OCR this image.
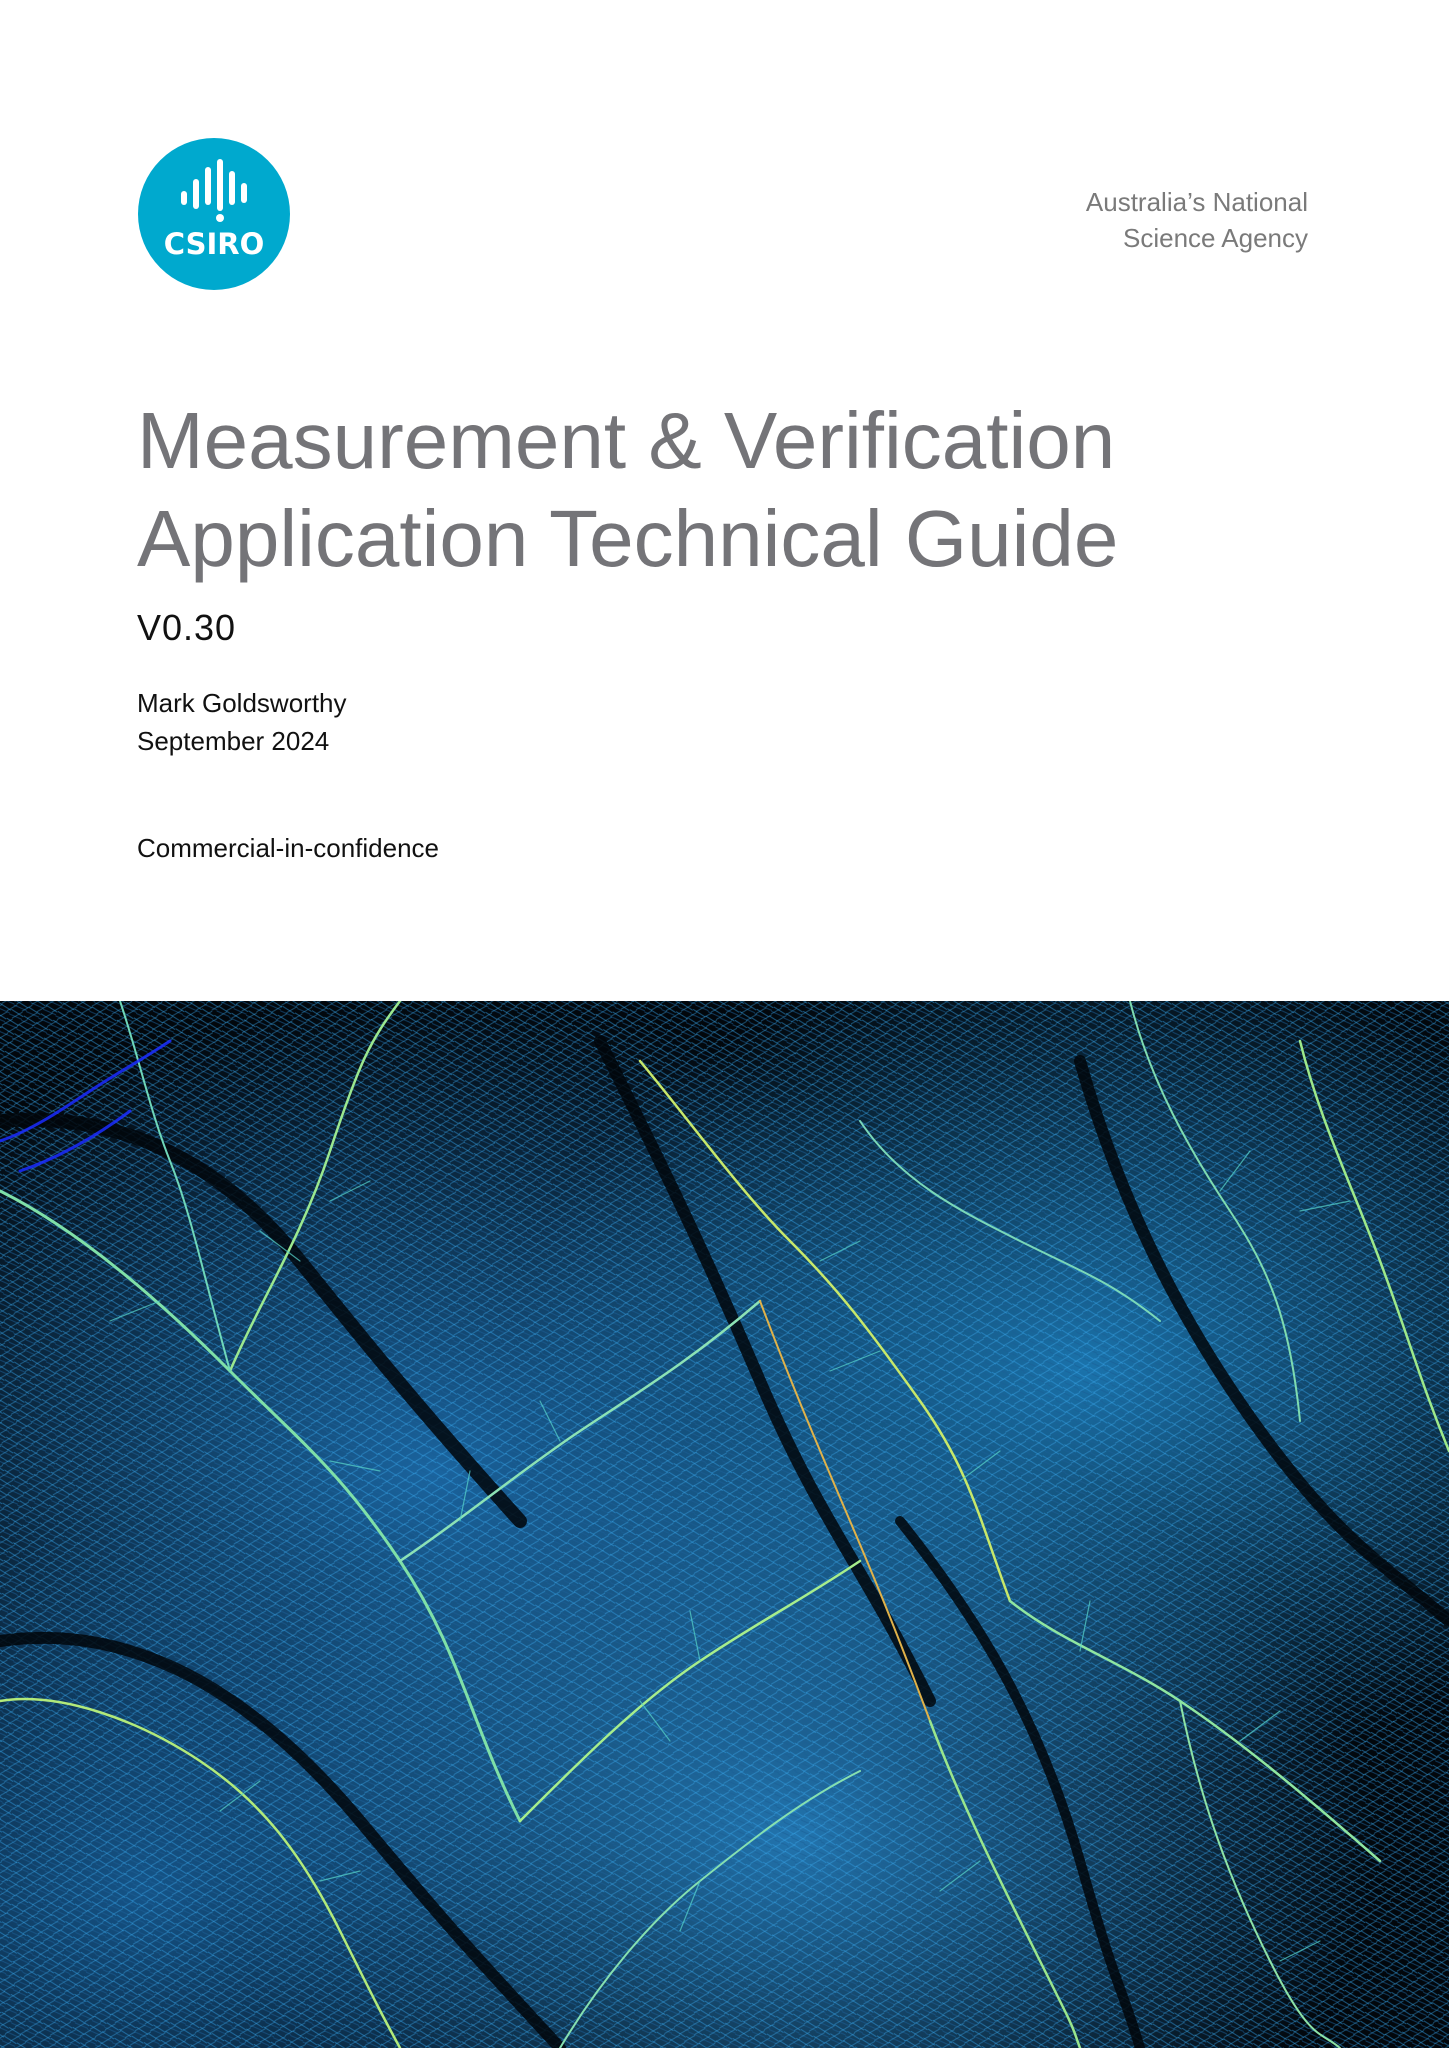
CSIRO
Australia’s National
Science Agency
Measurement & Verification
Application Technical Guide
V0.30
Mark Goldsworthy
September 2024
Commercial-in-confidence
